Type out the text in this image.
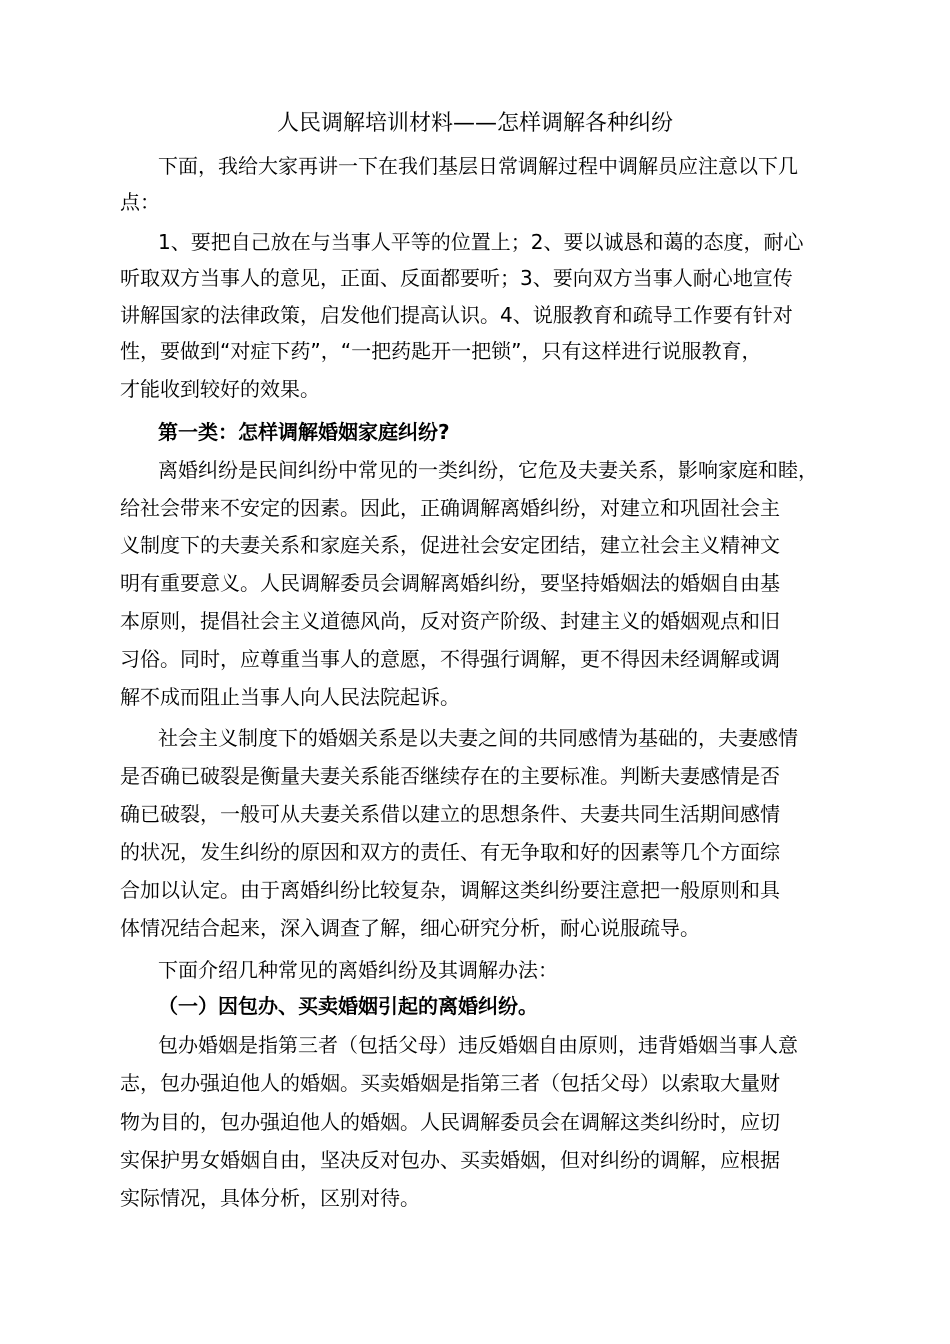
人民调解培训材料——怎样调解各种纠纷
下面，我给大家再讲一下在我们基层日常调解过程中调解员应注意以下几
点：
1、要把自己放在与当事人平等的位置上；2、要以诚恳和蔼的态度，耐心
听取双方当事人的意见，正面、反面都要听；3、要向双方当事人耐心地宣传
讲解国家的法律政策，启发他们提高认识。4、说服教育和疏导工作要有针对
性，要做到“对症下药”，“一把药匙开一把锁”，只有这样进行说服教育，
才能收到较好的效果。
第一类：怎样调解婚姻家庭纠纷?
离婚纠纷是民间纠纷中常见的一类纠纷，它危及夫妻关系，影响家庭和睦，
给社会带来不安定的因素。因此，正确调解离婚纠纷，对建立和巩固社会主
义制度下的夫妻关系和家庭关系，促进社会安定团结，建立社会主义精神文
明有重要意义。人民调解委员会调解离婚纠纷，要坚持婚姻法的婚姻自由基
本原则，提倡社会主义道德风尚，反对资产阶级、封建主义的婚姻观点和旧
习俗。同时，应尊重当事人的意愿，不得强行调解，更不得因未经调解或调
解不成而阻止当事人向人民法院起诉。
社会主义制度下的婚姻关系是以夫妻之间的共同感情为基础的，夫妻感情
是否确已破裂是衡量夫妻关系能否继续存在的主要标准。判断夫妻感情是否
确已破裂，一般可从夫妻关系借以建立的思想条件、夫妻共同生活期间感情
的状况，发生纠纷的原因和双方的责任、有无争取和好的因素等几个方面综
合加以认定。由于离婚纠纷比较复杂，调解这类纠纷要注意把一般原则和具
体情况结合起来，深入调查了解，细心研究分析，耐心说服疏导。
下面介绍几种常见的离婚纠纷及其调解办法：
（一）因包办、买卖婚姻引起的离婚纠纷。
包办婚姻是指第三者（包括父母）违反婚姻自由原则，违背婚姻当事人意
志，包办强迫他人的婚姻。买卖婚姻是指第三者（包括父母）以索取大量财
物为目的，包办强迫他人的婚姻。人民调解委员会在调解这类纠纷时，应切
实保护男女婚姻自由，坚决反对包办、买卖婚姻，但对纠纷的调解，应根据
实际情况，具体分析，区别对待。
